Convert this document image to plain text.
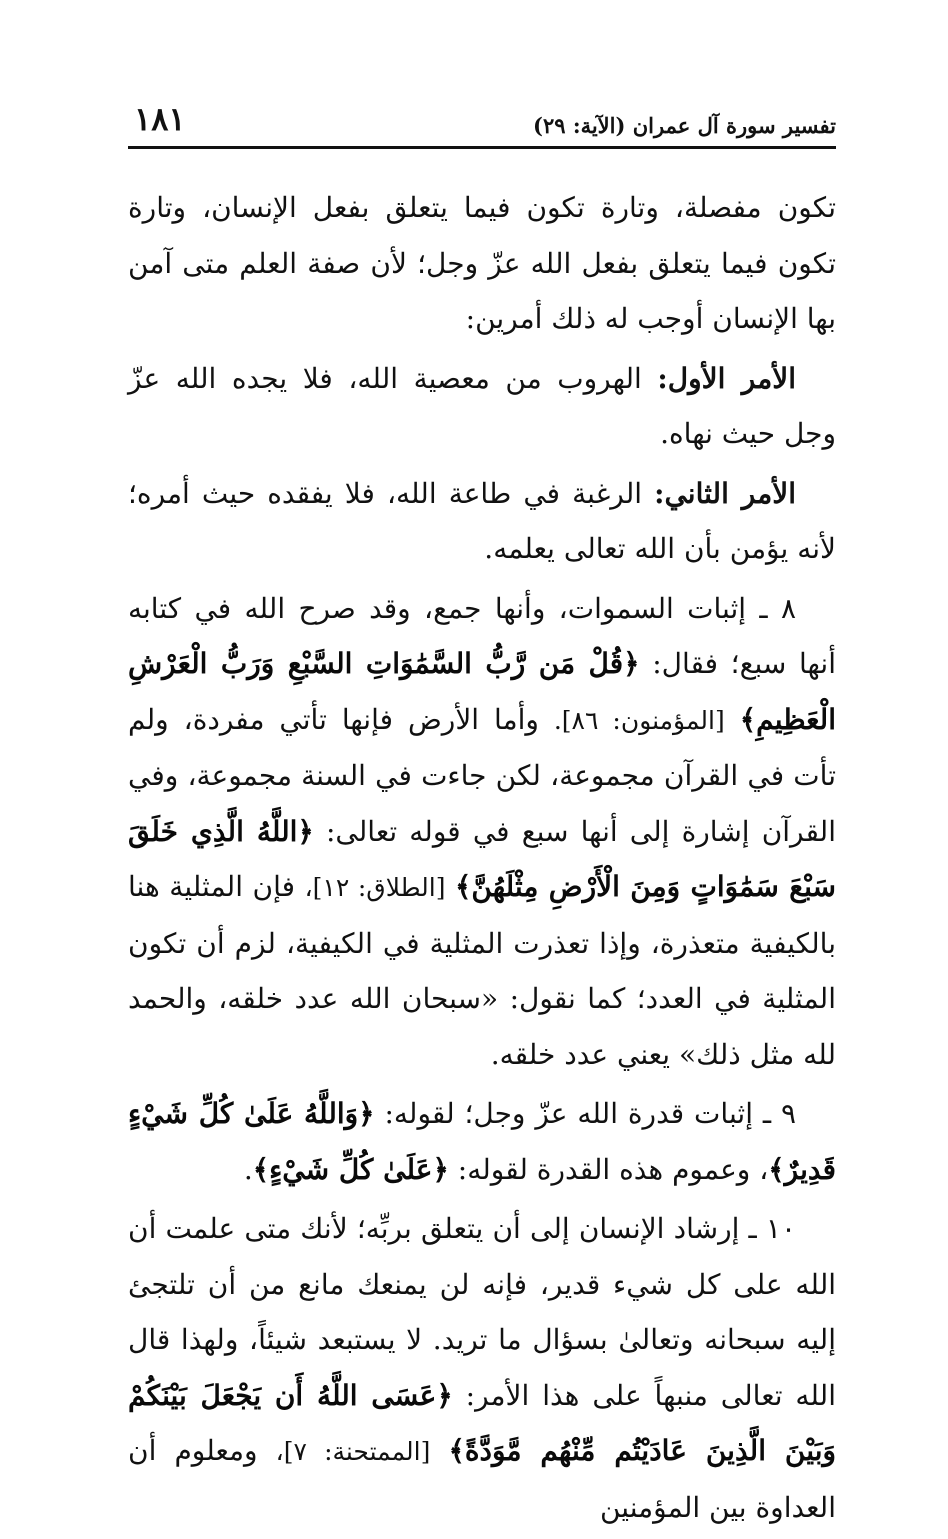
تفسير سورة آل عمران (الآية: ٢٩)
١٨١

تكون مفصلة، وتارة تكون فيما يتعلق بفعل الإنسان، وتارة تكون فيما يتعلق بفعل الله عزّ وجل؛ لأن صفة العلم متى آمن بها الإنسان أوجب له ذلك أمرين:

الأمر الأول: الهروب من معصية الله، فلا يجده الله عزّ وجل حيث نهاه.

الأمر الثاني: الرغبة في طاعة الله، فلا يفقده حيث أمره؛ لأنه يؤمن بأن الله تعالى يعلمه.

٨ ـ إثبات السموات، وأنها جمع، وقد صرح الله في كتابه أنها سبع؛ فقال: ﴿قُلْ مَن رَّبُّ السَّمَٰوَاتِ السَّبْعِ وَرَبُّ الْعَرْشِ الْعَظِيمِ﴾ [المؤمنون: ٨٦]. وأما الأرض فإنها تأتي مفردة، ولم تأت في القرآن مجموعة، لكن جاءت في السنة مجموعة، وفي القرآن إشارة إلى أنها سبع في قوله تعالى: ﴿اللَّهُ الَّذِي خَلَقَ سَبْعَ سَمَٰوَاتٍ وَمِنَ الْأَرْضِ مِثْلَهُنَّ﴾ [الطلاق: ١٢]، فإن المثلية هنا بالكيفية متعذرة، وإذا تعذرت المثلية في الكيفية، لزم أن تكون المثلية في العدد؛ كما نقول: «سبحان الله عدد خلقه، والحمد لله مثل ذلك» يعني عدد خلقه.

٩ ـ إثبات قدرة الله عزّ وجل؛ لقوله: ﴿وَاللَّهُ عَلَىٰ كُلِّ شَيْءٍ قَدِيرٌ﴾، وعموم هذه القدرة لقوله: ﴿عَلَىٰ كُلِّ شَيْءٍ﴾.

١٠ ـ إرشاد الإنسان إلى أن يتعلق بربِّه؛ لأنك متى علمت أن الله على كل شيء قدير، فإنه لن يمنعك مانع من أن تلتجئ إليه سبحانه وتعالىٰ بسؤال ما تريد. لا يستبعد شيئاً، ولهذا قال الله تعالى منبهاً على هذا الأمر: ﴿عَسَى اللَّهُ أَن يَجْعَلَ بَيْنَكُمْ وَبَيْنَ الَّذِينَ عَادَيْتُم مِّنْهُم مَّوَدَّةً﴾ [الممتحنة: ٧]، ومعلوم أن العداوة بين المؤمنين
